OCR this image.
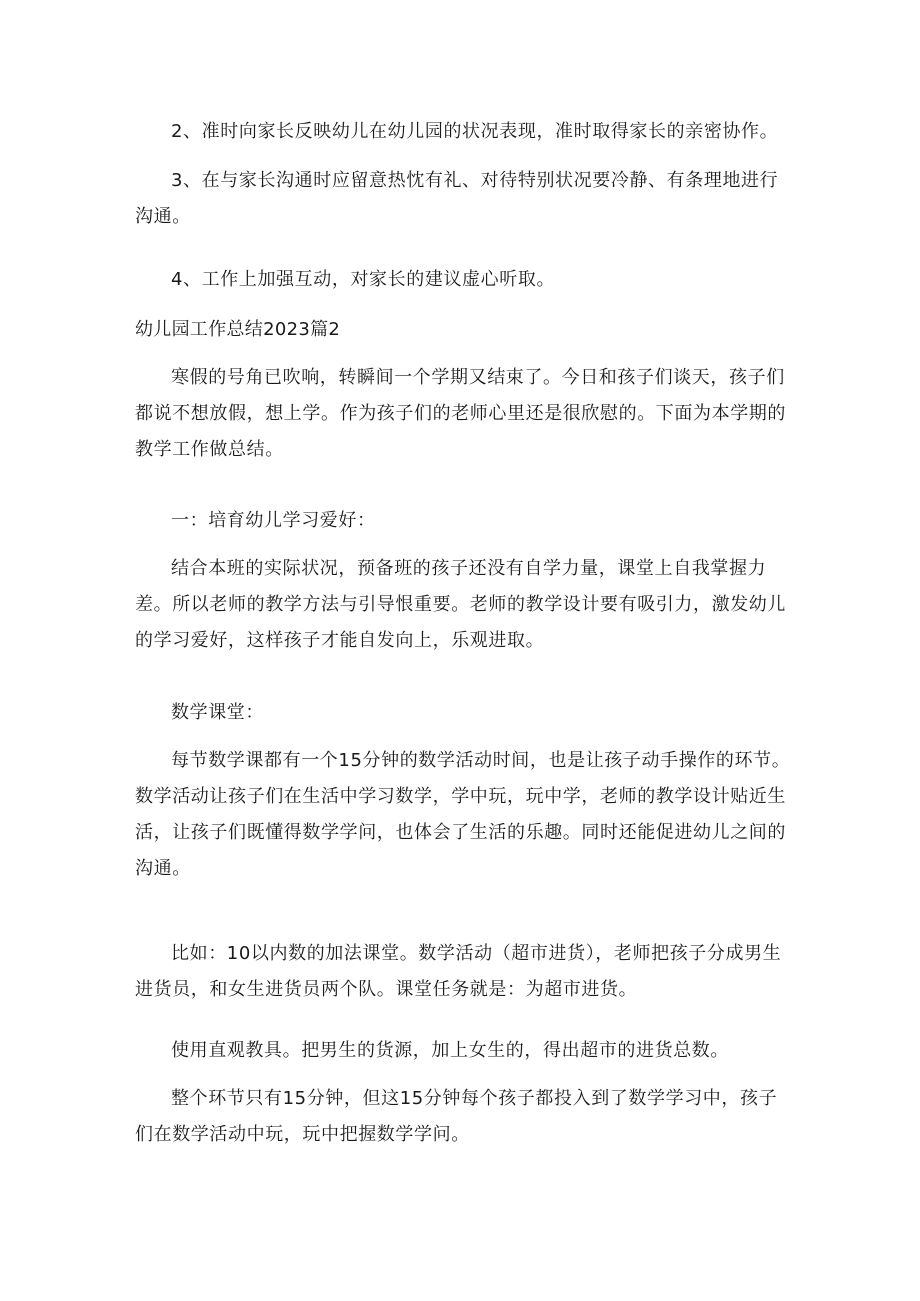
2、准时向家长反映幼儿在幼儿园的状况表现，准时取得家长的亲密协作。

3、在与家长沟通时应留意热忱有礼、对待特别状况要冷静、有条理地进行沟通。

4、工作上加强互动，对家长的建议虚心听取。

幼儿园工作总结2023篇2

寒假的号角已吹响，转瞬间一个学期又结束了。今日和孩子们谈天，孩子们都说不想放假，想上学。作为孩子们的老师心里还是很欣慰的。下面为本学期的教学工作做总结。

一：培育幼儿学习爱好：

结合本班的实际状况，预备班的孩子还没有自学力量，课堂上自我掌握力差。所以老师的教学方法与引导恨重要。老师的教学设计要有吸引力，激发幼儿的学习爱好，这样孩子才能自发向上，乐观进取。

数学课堂：

每节数学课都有一个15分钟的数学活动时间，也是让孩子动手操作的环节。数学活动让孩子们在生活中学习数学，学中玩，玩中学，老师的教学设计贴近生活，让孩子们既懂得数学学问，也体会了生活的乐趣。同时还能促进幼儿之间的沟通。

比如：10以内数的加法课堂。数学活动（超市进货），老师把孩子分成男生进货员，和女生进货员两个队。课堂任务就是：为超市进货。

使用直观教具。把男生的货源，加上女生的，得出超市的进货总数。

整个环节只有15分钟，但这15分钟每个孩子都投入到了数学学习中，孩子们在数学活动中玩，玩中把握数学学问。
